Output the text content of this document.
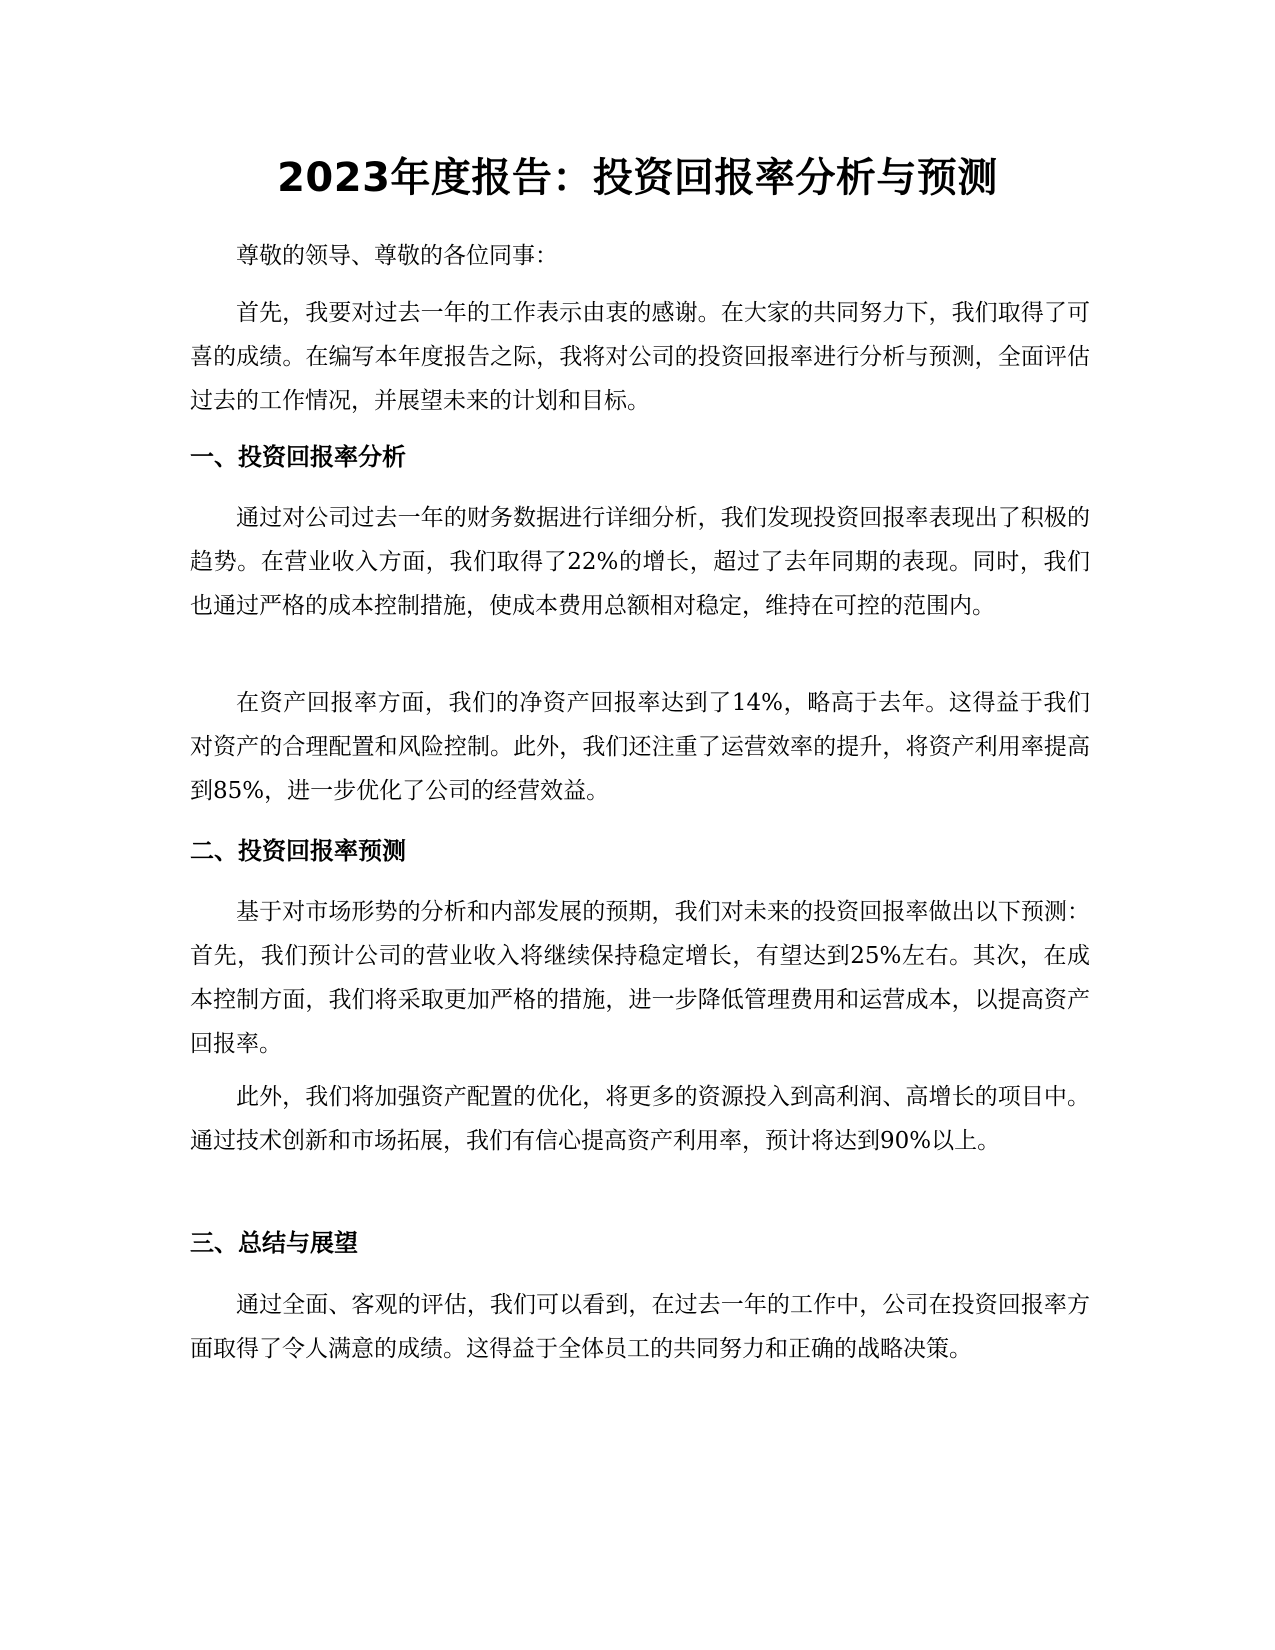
2023年度报告：投资回报率分析与预测

尊敬的领导、尊敬的各位同事：

首先，我要对过去一年的工作表示由衷的感谢。在大家的共同努力下，我们取得了可喜的成绩。在编写本年度报告之际，我将对公司的投资回报率进行分析与预测，全面评估过去的工作情况，并展望未来的计划和目标。

一、投资回报率分析

通过对公司过去一年的财务数据进行详细分析，我们发现投资回报率表现出了积极的趋势。在营业收入方面，我们取得了22%的增长，超过了去年同期的表现。同时，我们也通过严格的成本控制措施，使成本费用总额相对稳定，维持在可控的范围内。

在资产回报率方面，我们的净资产回报率达到了14%，略高于去年。这得益于我们对资产的合理配置和风险控制。此外，我们还注重了运营效率的提升，将资产利用率提高到85%，进一步优化了公司的经营效益。

二、投资回报率预测

基于对市场形势的分析和内部发展的预期，我们对未来的投资回报率做出以下预测：首先，我们预计公司的营业收入将继续保持稳定增长，有望达到25%左右。其次，在成本控制方面，我们将采取更加严格的措施，进一步降低管理费用和运营成本，以提高资产回报率。

此外，我们将加强资产配置的优化，将更多的资源投入到高利润、高增长的项目中。通过技术创新和市场拓展，我们有信心提高资产利用率，预计将达到90%以上。

三、总结与展望

通过全面、客观的评估，我们可以看到，在过去一年的工作中，公司在投资回报率方面取得了令人满意的成绩。这得益于全体员工的共同努力和正确的战略决策。
